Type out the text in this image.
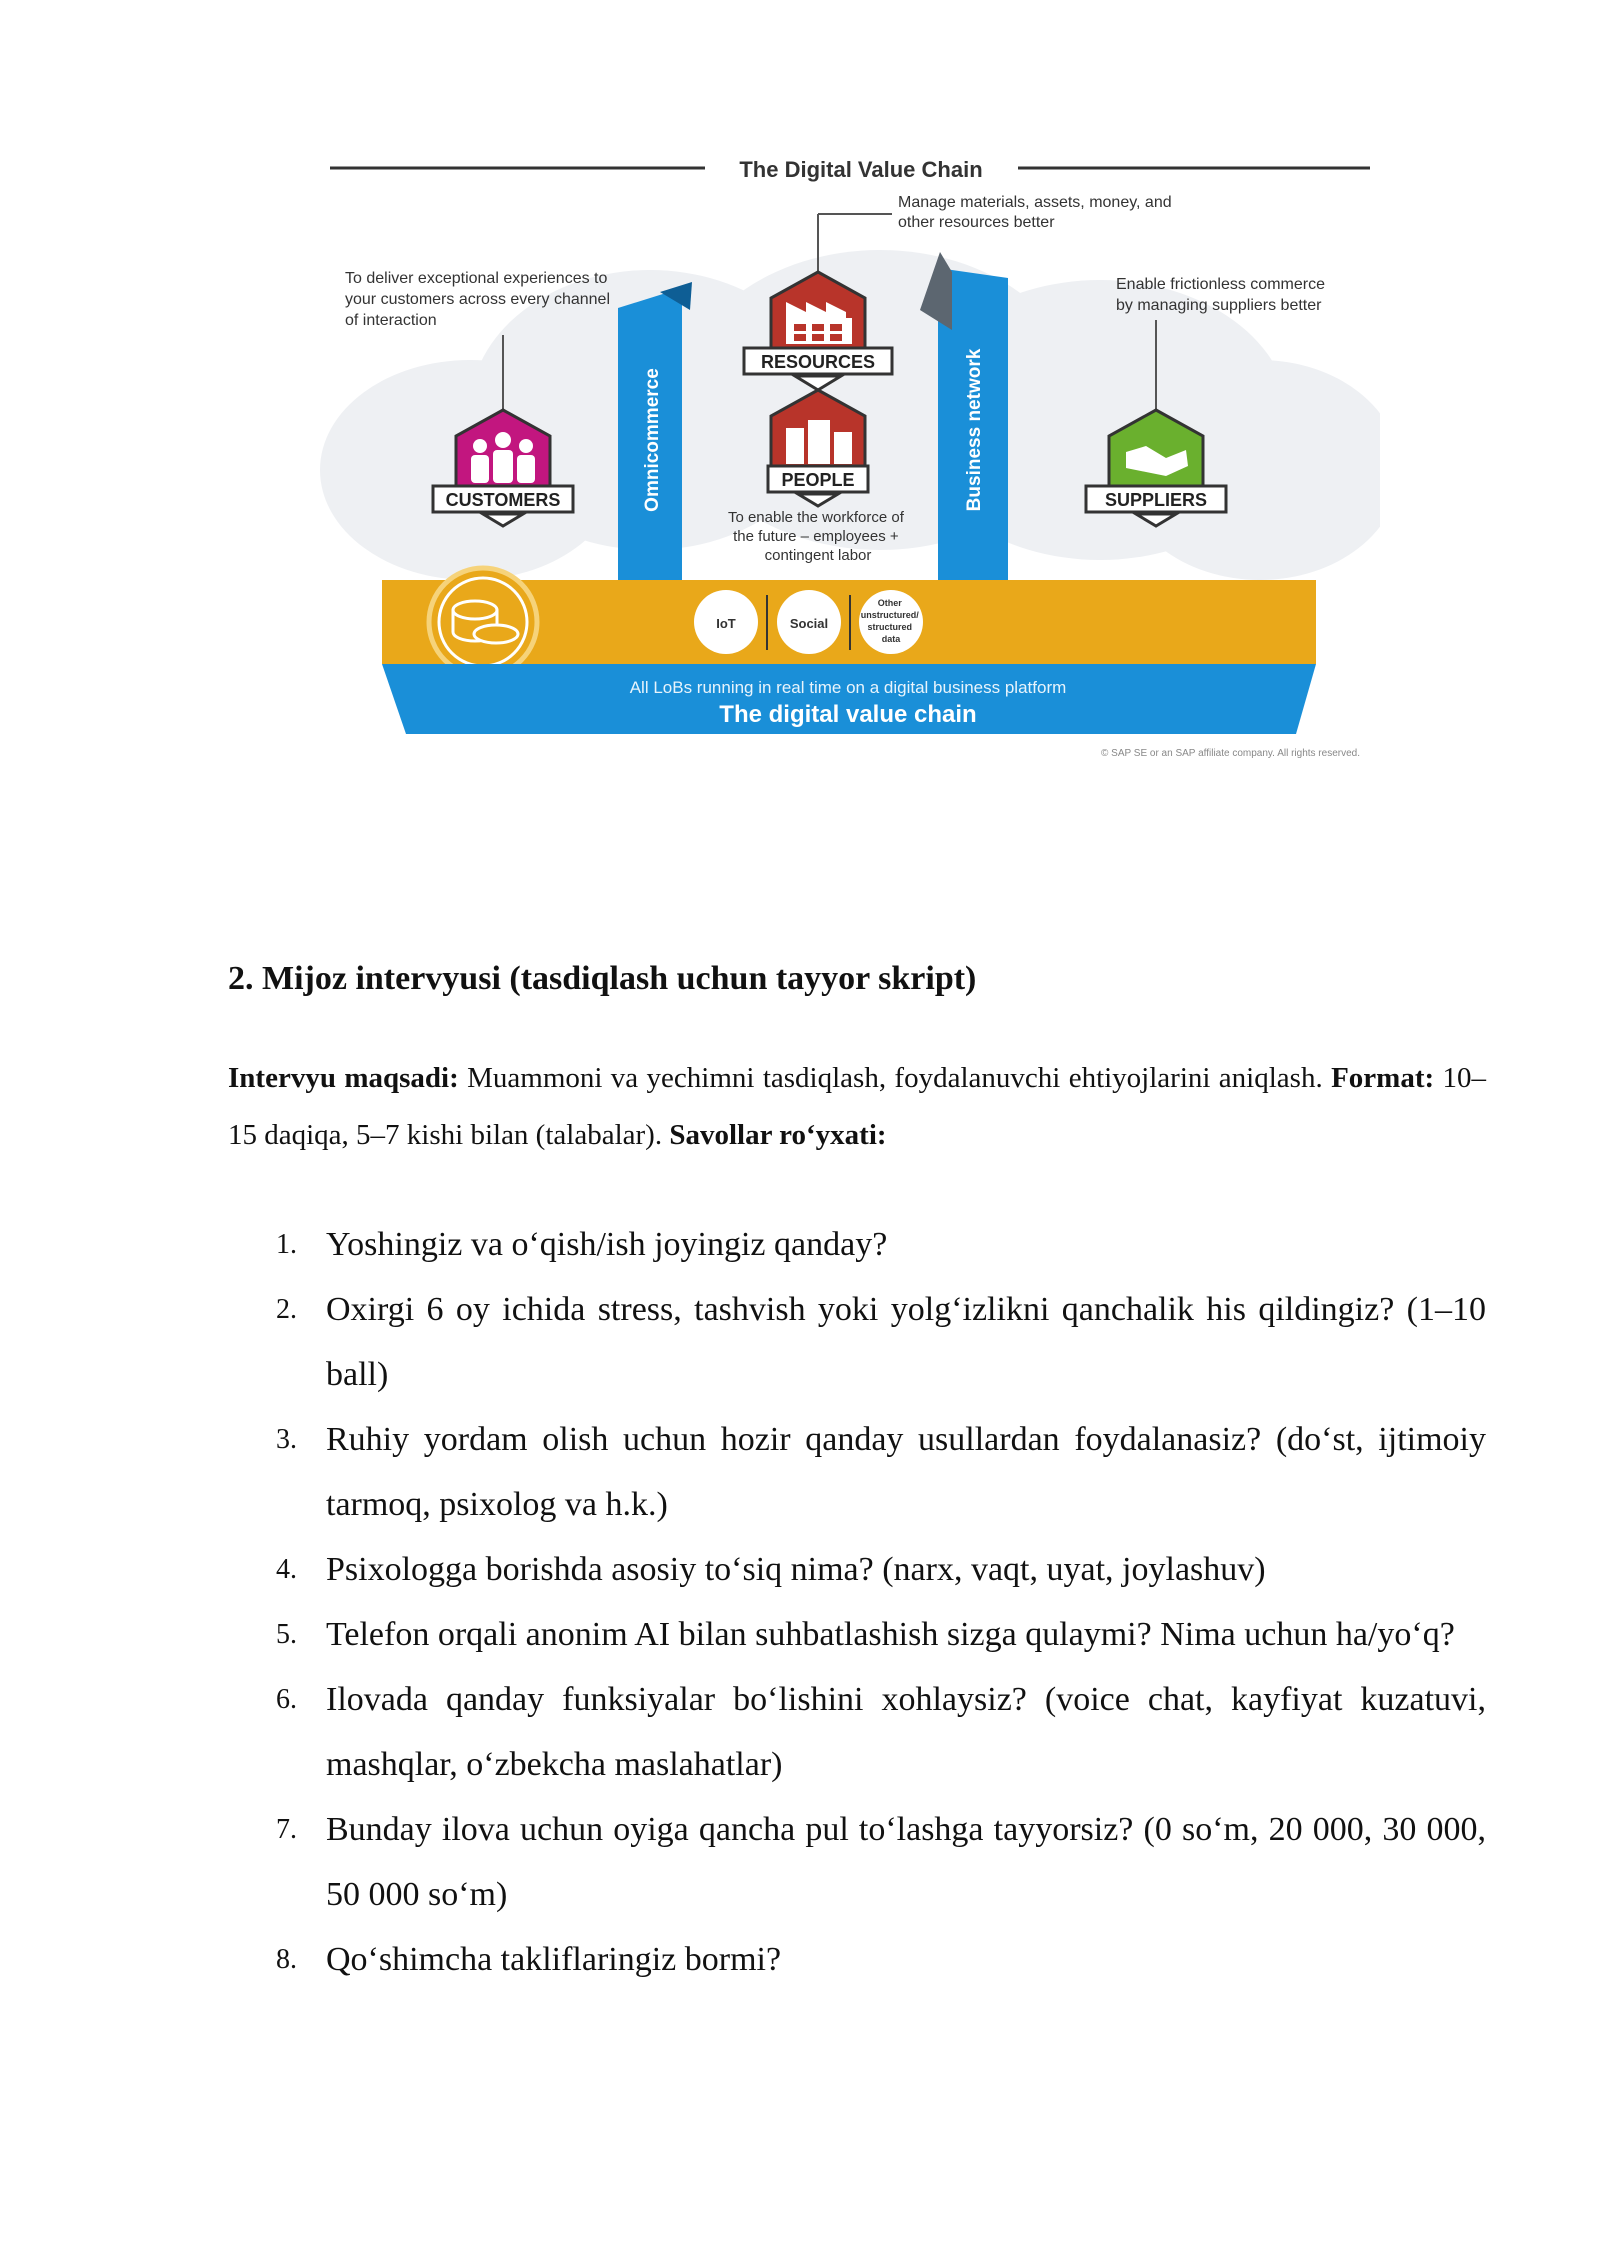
The Digital Value Chain
Manage materials, assets, money, and other resources better
To deliver exceptional experiences to your customers across every channel of interaction
Enable frictionless commerce by managing suppliers better
Omnicommerce	Business network
RESOURCES
PEOPLE
To enable the workforce of the future – employees + contingent labor
CUSTOMERS	SUPPLIERS
IoT	Social
Other unstructured/ structured data
All LoBs running in real time on a digital business platform
The digital value chain
© SAP SE or an SAP affiliate company. All rights reserved.
2. Mijoz intervyusi (tasdiqlash uchun tayyor skript)
Intervyu maqsadi: Muammoni va yechimni tasdiqlash, foydalanuvchi ehtiyojlarini aniqlash. Format: 10–15 daqiqa, 5–7 kishi bilan (talabalar). Savollar ro‘yxati:
1. Yoshingiz va o‘qish/ish joyingiz qanday?
2. Oxirgi 6 oy ichida stress, tashvish yoki yolg‘izlikni qanchalik his qildingiz? (1–10 ball)
3. Ruhiy yordam olish uchun hozir qanday usullardan foydalanasiz? (do‘st, ijtimoiy tarmoq, psixolog va h.k.)
4. Psixologga borishda asosiy to‘siq nima? (narx, vaqt, uyat, joylashuv)
5. Telefon orqali anonim AI bilan suhbatlashish sizga qulaymi? Nima uchun ha/yo‘q?
6. Ilovada qanday funksiyalar bo‘lishini xohlaysiz? (voice chat, kayfiyat kuzatuvi, mashqlar, o‘zbekcha maslahatlar)
7. Bunday ilova uchun oyiga qancha pul to‘lashga tayyorsiz? (0 so‘m, 20 000, 30 000, 50 000 so‘m)
8. Qo‘shimcha takliflaringiz bormi?
